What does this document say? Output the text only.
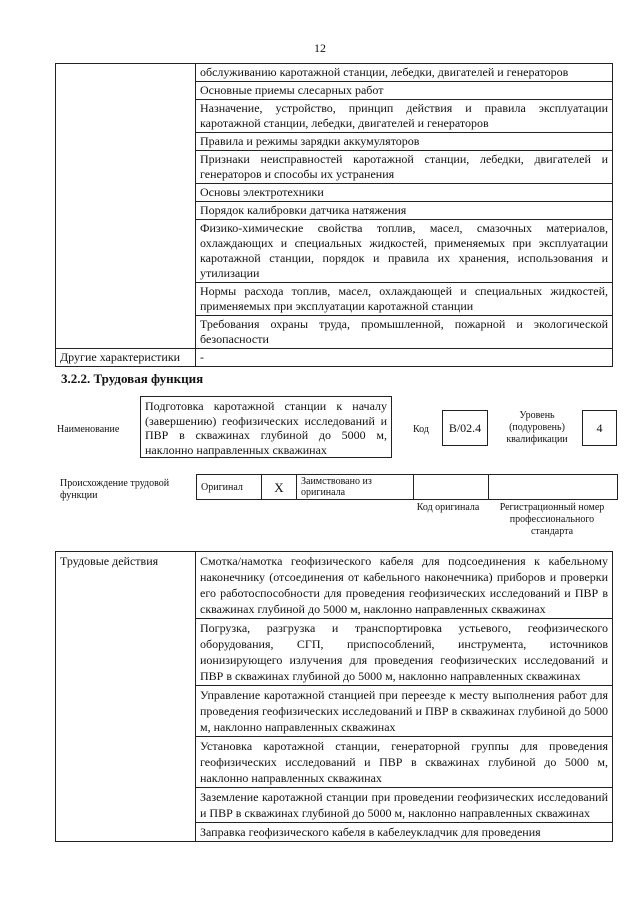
12
	обслуживанию каротажной станции, лебедки, двигателей и генераторов
	Основные приемы слесарных работ
	Назначение, устройство, принцип действия и правила эксплуатации каротажной станции, лебедки, двигателей и генераторов
	Правила и режимы зарядки аккумуляторов
	Признаки неисправностей каротажной станции, лебедки, двигателей и генераторов и способы их устранения
	Основы электротехники
	Порядок калибровки датчика натяжения
	Физико-химические свойства топлив, масел, смазочных материалов, охлаждающих и специальных жидкостей, применяемых при эксплуатации каротажной станции, порядок и правила их хранения, использования и утилизации
	Нормы расхода топлив, масел, охлаждающей и специальных жидкостей, применяемых при эксплуатации каротажной станции
	Требования охраны труда, промышленной, пожарной и экологической безопасности
Другие характеристики	-
3.2.2. Трудовая функция
Наименование
Подготовка каротажной станции к началу (завершению) геофизических исследований и ПВР в скважинах глубиной до 5000 м, наклонно направленных скважинах
Код	B/02.4
Уровень (подуровень) квалификации
4
Происхождение трудовой функции
Оригинал	X	Заимствовано из оригинала		
Код оригинала	Регистрационный номер профессионального стандарта
Трудовые действия	Смотка/намотка геофизического кабеля для подсоединения к кабельному наконечнику (отсоединения от кабельного наконечника) приборов и проверки его работоспособности для проведения геофизических исследований и ПВР в скважинах глубиной до 5000 м, наклонно направленных скважинах
Погрузка, разгрузка и транспортировка устьевого, геофизического оборудования, СГП, приспособлений, инструмента, источников ионизирующего излучения для проведения геофизических исследований и ПВР в скважинах глубиной до 5000 м, наклонно направленных скважинах
Управление каротажной станцией при переезде к месту выполнения работ для проведения геофизических исследований и ПВР в скважинах глубиной до 5000 м, наклонно направленных скважинах
Установка каротажной станции, генераторной группы для проведения геофизических исследований и ПВР в скважинах глубиной до 5000 м, наклонно направленных скважинах
Заземление каротажной станции при проведении геофизических исследований и ПВР в скважинах глубиной до 5000 м, наклонно направленных скважинах
Заправка геофизического кабеля в кабелеукладчик для проведения
